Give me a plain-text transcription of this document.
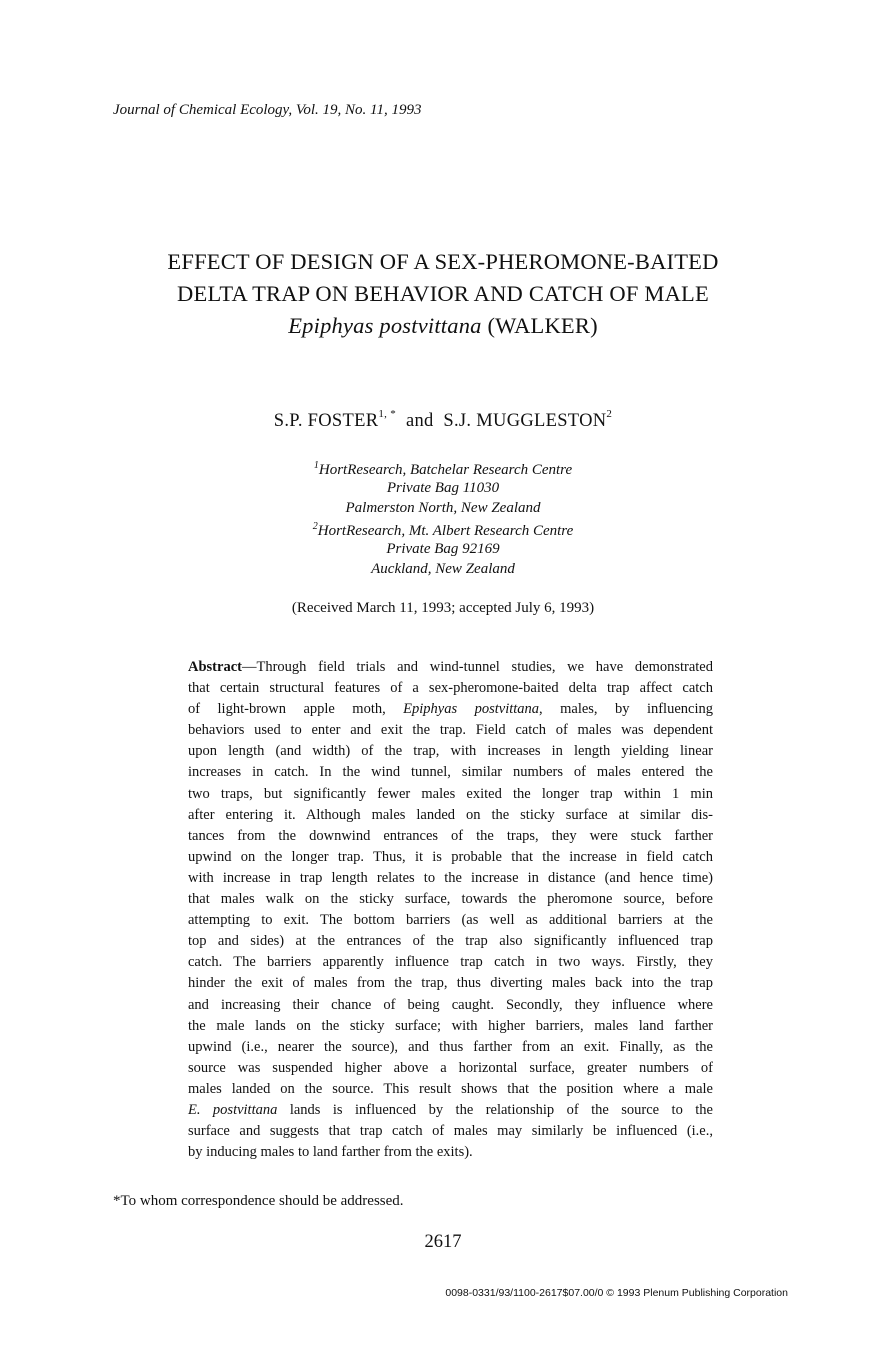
Journal of Chemical Ecology, Vol. 19, No. 11, 1993
EFFECT OF DESIGN OF A SEX-PHEROMONE-BAITED
DELTA TRAP ON BEHAVIOR AND CATCH OF MALE
Epiphyas postvittana (WALKER)
S.P. $FOSTER^{1, *}$ and S.J. MUGGLESTON$^2$
$^1$HortResearch, Batchelar Research Centre
Private Bag 11030
Palmerston North, New Zealand
$^2$HortResearch, Mt. Albert Research Centre
Private Bag 92169
Auckland, New Zealand
(Received March 11, 1993; accepted July 6, 1993)
Abstract—Through field trials and wind-tunnel studies, we have demonstrated
that certain structural features of a sex-pheromone-baited delta trap affect catch
of light-brown apple moth, Epiphyas postvittana, males, by influencing
behaviors used to enter and exit the trap. Field catch of males was dependent
upon length (and width) of the trap, with increases in length yielding linear
increases in catch. In the wind tunnel, similar numbers of males entered the
two traps, but significantly fewer males exited the longer trap within 1 min
after entering it. Although males landed on the sticky surface at similar dis-
tances from the downwind entrances of the traps, they were stuck farther
upwind on the longer trap. Thus, it is probable that the increase in field catch
with increase in trap length relates to the increase in distance (and hence time)
that males walk on the sticky surface, towards the pheromone source, before
attempting to exit. The bottom barriers (as well as additional barriers at the
top and sides) at the entrances of the trap also significantly influenced trap
catch. The barriers apparently influence trap catch in two ways. Firstly, they
hinder the exit of males from the trap, thus diverting males back into the trap
and increasing their chance of being caught. Secondly, they influence where
the male lands on the sticky surface; with higher barriers, males land farther
upwind (i.e., nearer the source), and thus farther from an exit. Finally, as the
source was suspended higher above a horizontal surface, greater numbers of
males landed on the source. This result shows that the position where a male
E. postvittana lands is influenced by the relationship of the source to the
surface and suggests that trap catch of males may similarly be influenced (i.e.,
by inducing males to land farther from the exits).
*To whom correspondence should be addressed.
2617
0098-0331/93/1100-2617$07.00/0 © 1993 Plenum Publishing Corporation
